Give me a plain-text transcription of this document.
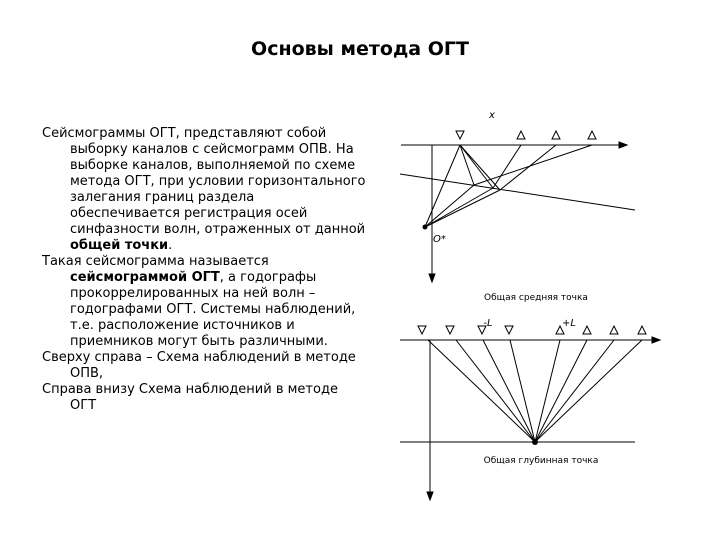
Основы метода ОГТ

Сейсмограммы ОГТ, представляют собой выборку каналов с сейсмограмм ОПВ. На выборке каналов, выполняемой по схеме метода ОГТ, при условии горизонтального залегания границ раздела обеспечивается регистрация осей синфазности волн, отраженных от данной общей точки.

Такая сейсмограмма называется сейсмограммой ОГТ, а годографы прокоррелированных на ней волн – годографами ОГТ. Системы наблюдений, т.е. расположение источников и приемников могут быть различными.

Сверху справа – Схема наблюдений в методе ОПВ,

Справа внизу Схема наблюдений в методе ОГТ

x
O*
Общая средняя точка
-L	+L
Общая глубинная точка
